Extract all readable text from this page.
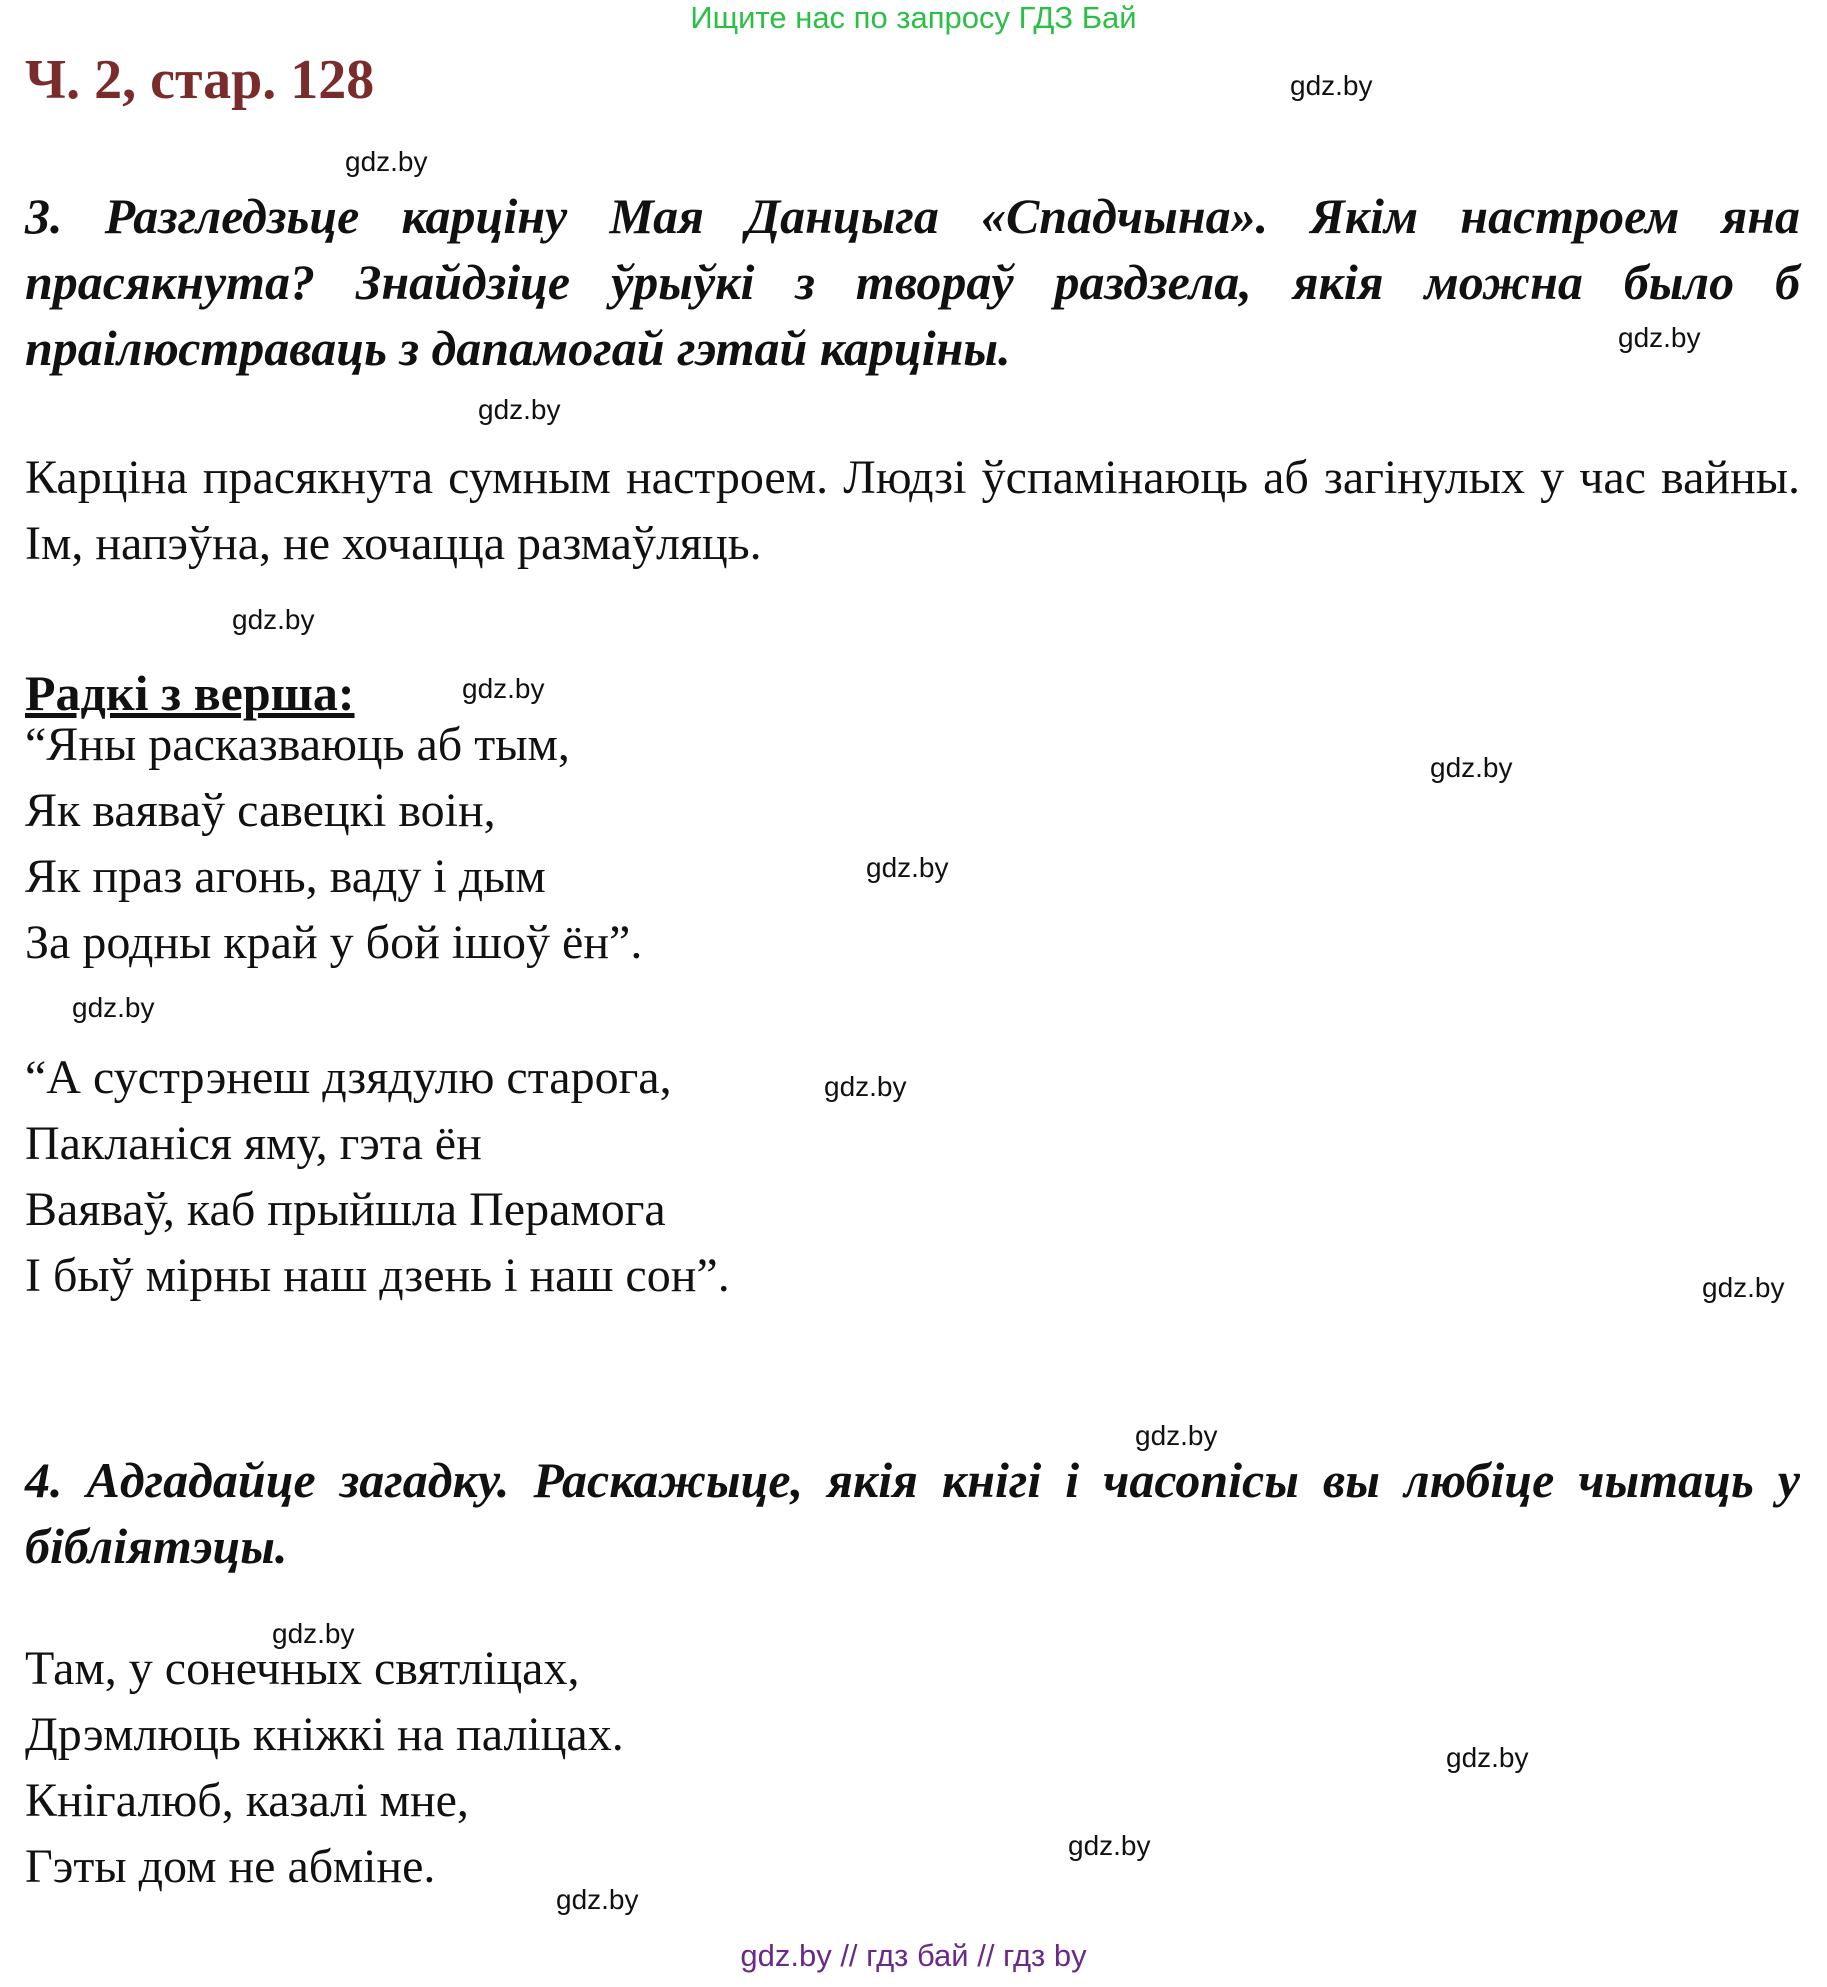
Ищите нас по запросу ГДЗ Бай
Ч. 2, стар. 128
3. Разгледзьце карціну Мая Данцыга «Спадчына». Якім настроем яна прасякнута? Знайдзіце ўрыўкі з твораў раздзела, якія можна было б праілюстраваць з дапамогай гэтай карціны.
Карціна прасякнута сумным настроем. Людзі ўспамінаюць аб загінулых у час вайны. Ім, напэўна, не хочацца размаўляць.
Радкі з верша:
“Яны расказваюць аб тым,
Як ваяваў савецкі воін,
Як праз агонь, ваду і дым
За родны край у бой ішоў ён”.
“А сустрэнеш дзядулю старога,
Пакланіся яму, гэта ён
Ваяваў, каб прыйшла Перамога
І быў мірны наш дзень і наш сон”.
4. Адгадайце загадку. Раскажыце, якія кнігі і часопісы вы любіце чытаць у бібліятэцы.
Там, у сонечных святліцах,
Дрэмлюць кніжкі на паліцах.
Кнігалюб, казалі мне,
Гэты дом не абміне.
gdz.by
gdz.by
gdz.by
gdz.by
gdz.by
gdz.by
gdz.by
gdz.by
gdz.by
gdz.by
gdz.by
gdz.by
gdz.by
gdz.by
gdz.by
gdz.by
gdz.by // гдз бай // гдз by
